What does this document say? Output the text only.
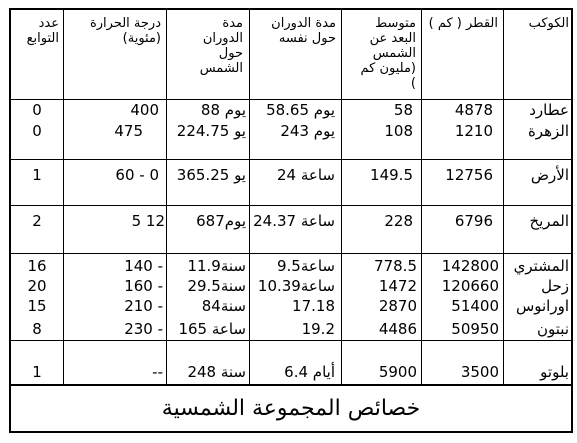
الكوكب
القطر ( كم )
متوسط البعد عن الشمس (مليون كم )
مدة الدوران حول نفسه
مدة الدوران حول الشمس
درجة الحرارة (مئوية)
عدد التوابع
عطارد
4878
58
58.65 يوم
88 يوم
400
0
الزهرة
1210
108
243 يوم
224.75 يو
475
0
الأرض
12756
149.5
24 ساعة
365.25 يو
60 - 0
1
المريخ
6796
228
24.37 ساعة
687يوم
5 12
2
المشتري
142800
778.5
9.5ساعة
11.9سنة
140 -
16
زحل
120660
1472
10.39ساعة
29.5سنة
160 -
20
اورانوس
51400
2870
17.18
84سنة
210 -
15
نبتون
50950
4486
19.2
165 ساعة
230 -
8
بلوتو
3500
5900
6.4 أيام
248 سنة
--
1
خصائص المجموعة الشمسية
